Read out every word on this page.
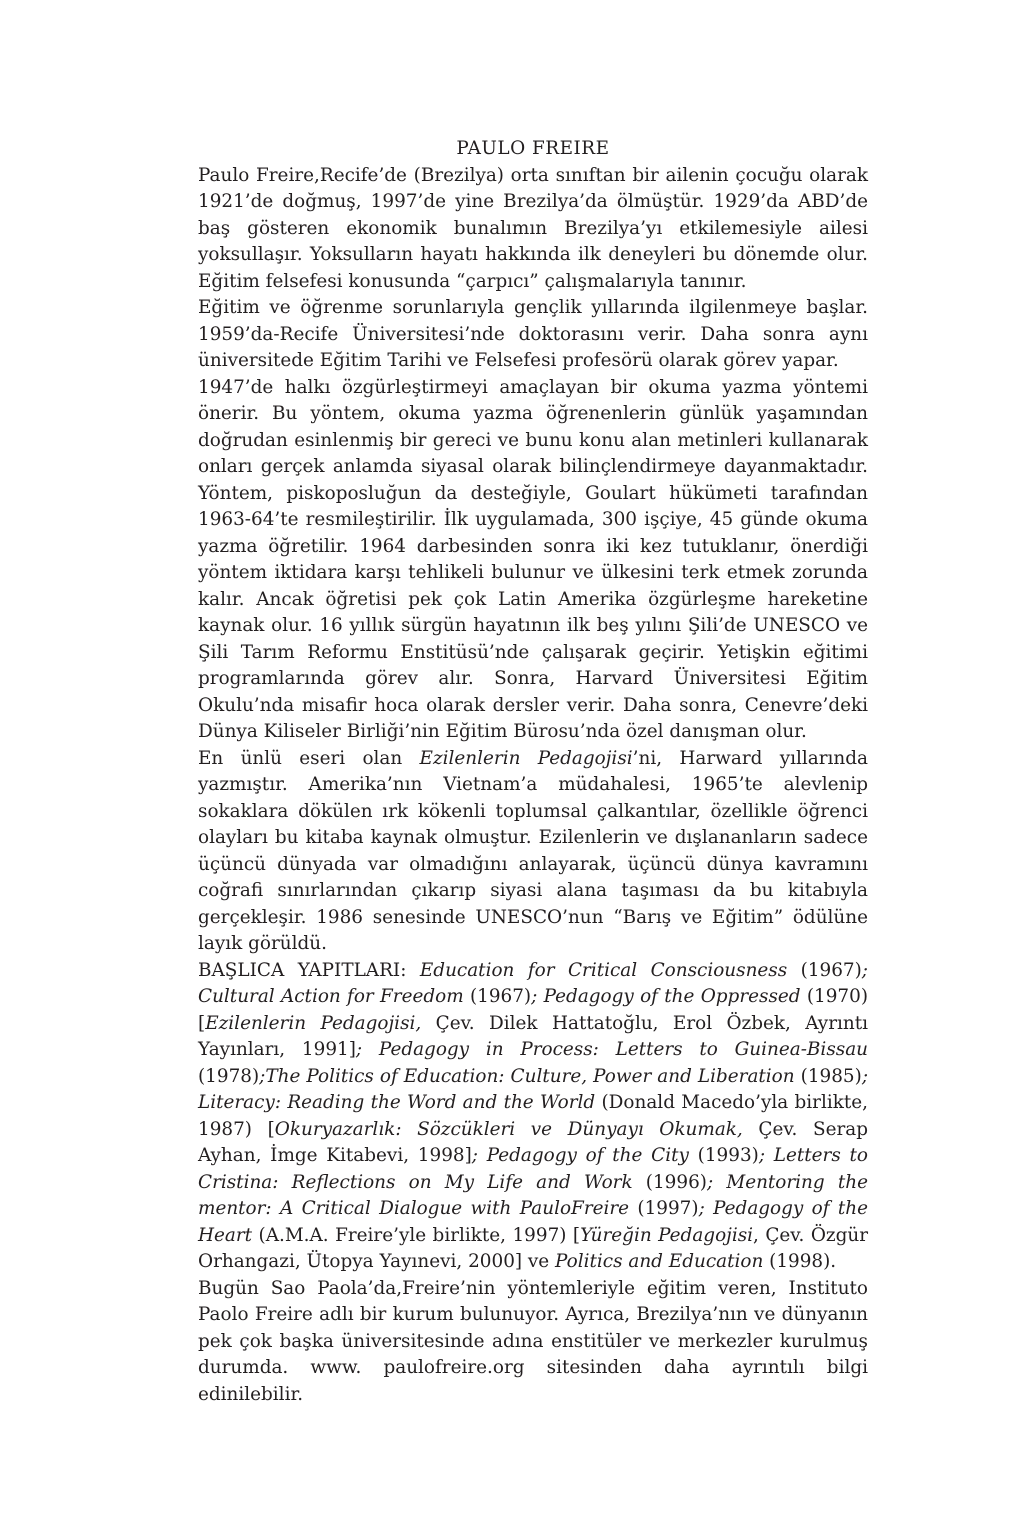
PAULO FREIRE

Paulo Freire,Recife’de (Brezilya) orta sınıftan bir ailenin çocuğu olarak 1921’de doğmuş, 1997’de yine Brezilya’da ölmüştür. 1929’da ABD’de baş gösteren ekonomik bunalımın Brezilya’yı etkilemesiyle ailesi yoksullaşır. Yoksulların hayatı hakkında ilk deneyleri bu dönemde olur. Eğitim felsefesi konusunda “çarpıcı” çalışmalarıyla tanınır.

Eğitim ve öğrenme sorunlarıyla gençlik yıllarında ilgilenmeye başlar. 1959’da-Recife Üniversitesi’nde doktorasını verir. Daha sonra aynı üniversitede Eğitim Tarihi ve Felsefesi profesörü olarak görev yapar.

1947’de halkı özgürleştirmeyi amaçlayan bir okuma yazma yöntemi önerir. Bu yöntem, okuma yazma öğrenenlerin günlük yaşamından doğrudan esinlenmiş bir gereci ve bunu konu alan metinleri kullanarak onları gerçek anlamda siyasal olarak bilinçlendirmeye dayanmaktadır. Yöntem, piskoposluğun da desteğiyle, Goulart hükümeti tarafından 1963-64’te resmileştirilir. İlk uygulamada, 300 işçiye, 45 günde okuma yazma öğretilir. 1964 darbesinden sonra iki kez tutuklanır, önerdiği yöntem iktidara karşı tehlikeli bulunur ve ülkesini terk etmek zorunda kalır. Ancak öğretisi pek çok Latin Amerika özgürleşme hareketine kaynak olur. 16 yıllık sürgün hayatının ilk beş yılını Şili’de UNESCO ve Şili Tarım Reformu Enstitüsü’nde çalışarak geçirir. Yetişkin eğitimi programlarında görev alır. Sonra, Harvard Üniversitesi Eğitim Okulu’nda misafir hoca olarak dersler verir. Daha sonra, Cenevre’deki Dünya Kiliseler Birliği’nin Eğitim Bürosu’nda özel danışman olur.

En ünlü eseri olan Ezilenlerin Pedagojisi’ni, Harward yıllarında yazmıştır. Amerika’nın Vietnam’a müdahalesi, 1965’te alevlenip sokaklara dökülen ırk kökenli toplumsal çalkantılar, özellikle öğrenci olayları bu kitaba kaynak olmuştur. Ezilenlerin ve dışlananların sadece üçüncü dünyada var olmadığını anlayarak, üçüncü dünya kavramını coğrafi sınırlarından çıkarıp siyasi alana taşıması da bu kitabıyla gerçekleşir. 1986 senesinde UNESCO’nun “Barış ve Eğitim” ödülüne layık görüldü.

BAŞLICA YAPITLARI: Education for Critical Consciousness (1967); Cultural Action for Freedom (1967); Pedagogy of the Oppressed (1970) [Ezilenlerin Pedagojisi, Çev. Dilek Hattatoğlu, Erol Özbek, Ayrıntı Yayınları, 1991]; Pedagogy in Process: Letters to Guinea-Bissau (1978);The Politics of Education: Culture, Power and Liberation (1985); Literacy: Reading the Word and the World (Donald Macedo’yla birlikte, 1987) [Okuryazarlık: Sözcükleri ve Dünyayı Okumak, Çev. Serap Ayhan, İmge Kitabevi, 1998]; Pedagogy of the City (1993); Letters to Cristina: Reflections on My Life and Work (1996); Mentoring the mentor: A Critical Dialogue with PauloFreire (1997); Pedagogy of the Heart (A.M.A. Freire’yle birlikte, 1997) [Yüreğin Pedagojisi, Çev. Özgür Orhangazi, Ütopya Yayınevi, 2000] ve Politics and Education (1998).

Bugün Sao Paola’da,Freire’nin yöntemleriyle eğitim veren, Instituto Paolo Freire adlı bir kurum bulunuyor. Ayrıca, Brezilya’nın ve dünyanın pek çok başka üniversitesinde adına enstitüler ve merkezler kurulmuş durumda. www. paulofreire.org sitesinden daha ayrıntılı bilgi edinilebilir.
